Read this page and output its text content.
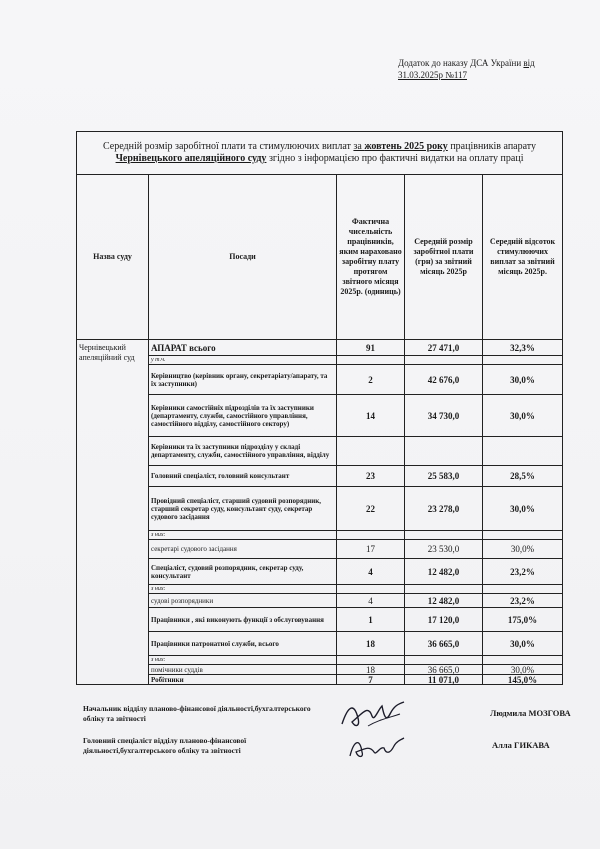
Додаток до наказу ДСА України від
31.03.2025р №117
Середній розмір заробітної плати та стимулюючих виплат за жовтень 2025 року працівників апарату
Чернівецького апеляційного суду згідно з інформацією про фактичні видатки на оплату праці				
Назва суду	Посади	Фактична чисельність працівників, яким нараховано заробітну плату протягом звітного місяця 2025р. (одиниць)	Середній розмір заробітної плати (грн) за звітний місяць 2025р	Середній відсоток стимулюючих виплат за звітний місяць 2025р.
Чернівецький апеляційний суд	АПАРАТ всього	91	27 471,0	32,3%
	у т.ч.			
	Керівництво (керівник органу, секретаріату/апарату, та їх заступники)	2	42 676,0	30,0%
	Керівники самостійніх підрозділів та їх заступники (департаменту, служби, самостійного управління, самостійного відділу, самостійного сектору)	14	34 730,0	30,0%
	Керівники та їх заступники підрозділу у складі департаменту, служби, самостійного управління, відділу			
	Головний спеціаліст, головний консультант	23	25 583,0	28,5%
	Провідний спеціаліст, старший судовий розпорядник, старший секретар суду, консультант суду, секретар судового засідання	22	23 278,0	30,0%
	з них:			
	секретарі судового засідання	17	23 530,0	30,0%
	Спеціаліст, судовий розпорядник, секретар суду, консультант	4	12 482,0	23,2%
	з них:			
	судові розпорядники	4	12 482,0	23,2%
	Працівники , які виконують функції з обслуговування	1	17 120,0	175,0%
	Працівники патронатної служби, всього	18	36 665,0	30,0%
	з них:			
	помічники суддів	18	36 665,0	30,0%
	Робітники	7	11 071,0	145,0%
Начальник відділу планово-фінансової діяльності,бухгалтерського обліку та звітності
Людмила МОЗГОВА
Головний спеціаліст відділу планово-фінансової діяльності,бухгалтерського обліку та звітності
Алла ГИКАВА
